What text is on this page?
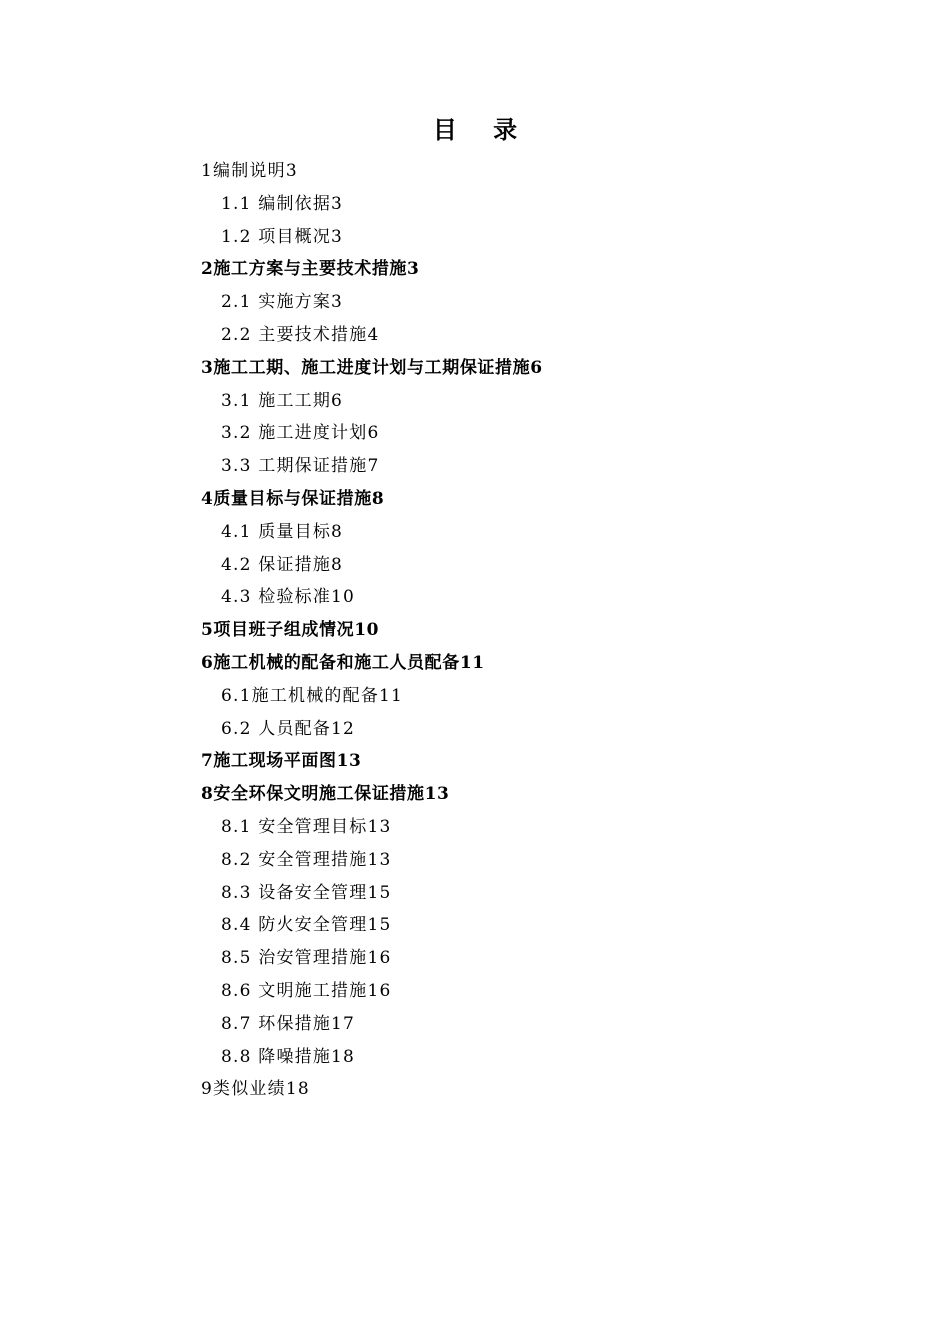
目 录
1编制说明3
1.1 编制依据3
1.2 项目概况3
2施工方案与主要技术措施3
2.1 实施方案3
2.2 主要技术措施4
3施工工期、施工进度计划与工期保证措施6
3.1 施工工期6
3.2 施工进度计划6
3.3 工期保证措施7
4质量目标与保证措施8
4.1 质量目标8
4.2 保证措施8
4.3 检验标准10
5项目班子组成情况10
6施工机械的配备和施工人员配备11
6.1施工机械的配备11
6.2 人员配备12
7施工现场平面图13
8安全环保文明施工保证措施13
8.1 安全管理目标13
8.2 安全管理措施13
8.3 设备安全管理15
8.4 防火安全管理15
8.5 治安管理措施16
8.6 文明施工措施16
8.7 环保措施17
8.8 降噪措施18
9类似业绩18
